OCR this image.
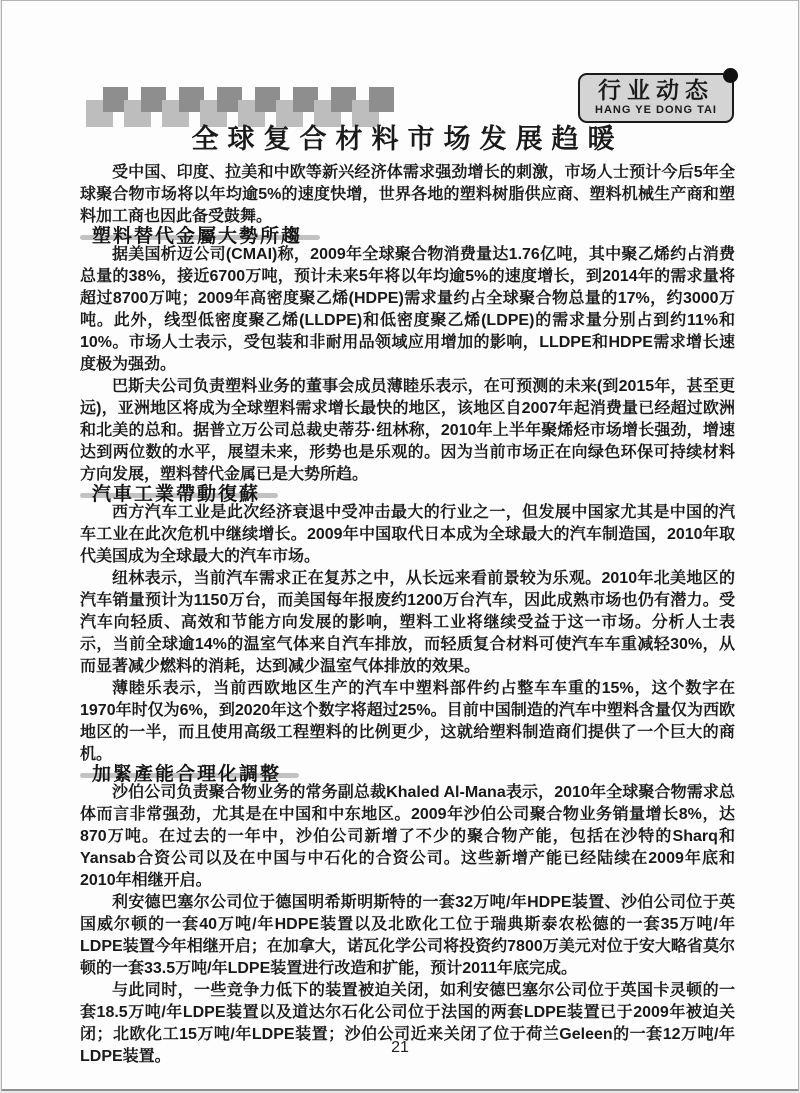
行业动态
HANG YE DONG TAI
全球复合材料市场发展趋暖

受中国、印度、拉美和中欧等新兴经济体需求强劲增长的刺激，市场人士预计今后5年全球聚合物市场将以年均逾5%的速度快增，世界各地的塑料树脂供应商、塑料机械生产商和塑料加工商也因此备受鼓舞。

塑料替代金屬大勢所趨

据美国析迈公司(CMAI)称，2009年全球聚合物消费量达1.76亿吨，其中聚乙烯约占消费总量的38%，接近6700万吨，预计未来5年将以年均逾5%的速度增长，到2014年的需求量将超过8700万吨；2009年高密度聚乙烯(HDPE)需求量约占全球聚合物总量的17%，约3000万吨。此外，线型低密度聚乙烯(LLDPE)和低密度聚乙烯(LDPE)的需求量分别占到约11%和10%。市场人士表示，受包装和非耐用品领域应用增加的影响，LLDPE和HDPE需求增长速度极为强劲。

巴斯夫公司负责塑料业务的董事会成员薄睦乐表示，在可预测的未来(到2015年，甚至更远)，亚洲地区将成为全球塑料需求增长最快的地区，该地区自2007年起消费量已经超过欧洲和北美的总和。据普立万公司总裁史蒂芬·纽林称，2010年上半年聚烯烃市场增长强劲，增速达到两位数的水平，展望未来，形势也是乐观的。因为当前市场正在向绿色环保可持续材料方向发展，塑料替代金属已是大势所趋。

汽車工業帶動復蘇

西方汽车工业是此次经济衰退中受冲击最大的行业之一，但发展中国家尤其是中国的汽车工业在此次危机中继续增长。2009年中国取代日本成为全球最大的汽车制造国，2010年取代美国成为全球最大的汽车市场。

纽林表示，当前汽车需求正在复苏之中，从长远来看前景较为乐观。2010年北美地区的汽车销量预计为1150万台，而美国每年报废约1200万台汽车，因此成熟市场也仍有潜力。受汽车向轻质、高效和节能方向发展的影响，塑料工业将继续受益于这一市场。分析人士表示，当前全球逾14%的温室气体来自汽车排放，而轻质复合材料可使汽车车重减轻30%，从而显著减少燃料的消耗，达到减少温室气体排放的效果。

薄睦乐表示，当前西欧地区生产的汽车中塑料部件约占整车车重的15%，这个数字在1970年时仅为6%，到2020年这个数字将超过25%。目前中国制造的汽车中塑料含量仅为西欧地区的一半，而且使用高级工程塑料的比例更少，这就给塑料制造商们提供了一个巨大的商机。

加緊產能合理化調整

沙伯公司负责聚合物业务的常务副总裁Khaled Al-Mana表示，2010年全球聚合物需求总体而言非常强劲，尤其是在中国和中东地区。2009年沙伯公司聚合物业务销量增长8%，达870万吨。在过去的一年中，沙伯公司新增了不少的聚合物产能，包括在沙特的Sharq和Yansab合资公司以及在中国与中石化的合资公司。这些新增产能已经陆续在2009年底和2010年相继开启。

利安德巴塞尔公司位于德国明希斯明斯特的一套32万吨/年HDPE装置、沙伯公司位于英国威尔顿的一套40万吨/年HDPE装置以及北欧化工位于瑞典斯泰农松德的一套35万吨/年LDPE装置今年相继开启；在加拿大，诺瓦化学公司将投资约7800万美元对位于安大略省莫尔顿的一套33.5万吨/年LDPE装置进行改造和扩能，预计2011年底完成。

与此同时，一些竞争力低下的装置被迫关闭，如利安德巴塞尔公司位于英国卡灵顿的一套18.5万吨/年LDPE装置以及道达尔石化公司位于法国的两套LDPE装置已于2009年被迫关闭；北欧化工15万吨/年LDPE装置；沙伯公司近来关闭了位于荷兰Geleen的一套12万吨/年LDPE装置。

21
